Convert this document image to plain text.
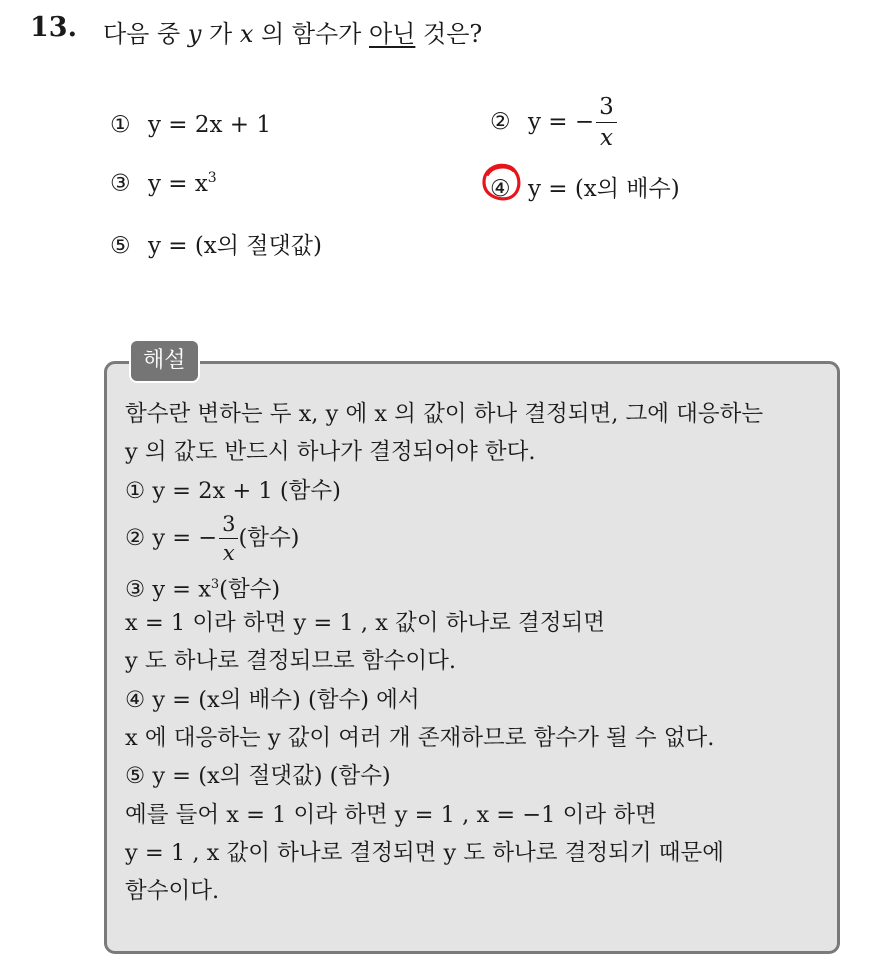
13. 다음 중 y 가 x 의 함수가 아닌 것은?
① y = 2x + 1	② y = − $\frac{3}{x}$
③ $y = x^3$	④ y = (x의 배수)
⑤ y = (x의 절댓값)
해설
함수란 변하는 두 x, y 에 x 의 값이 하나 결정되면, 그에 대응하는
y 의 값도 반드시 하나가 결정되어야 한다.
① y = 2x + 1 (함수)
② y = − $\frac{3}{x}$ (함수)
③ $y = x^3$(함수)
x = 1 이라 하면 y = 1 , x 값이 하나로 결정되면
y 도 하나로 결정되므로 함수이다.
④ y = (x의 배수) (함수) 에서
x 에 대응하는 y 값이 여러 개 존재하므로 함수가 될 수 없다.
⑤ y = (x의 절댓값) (함수)
예를 들어 x = 1 이라 하면 y = 1 , x = −1 이라 하면
y = 1 , x 값이 하나로 결정되면 y 도 하나로 결정되기 때문에
함수이다.
